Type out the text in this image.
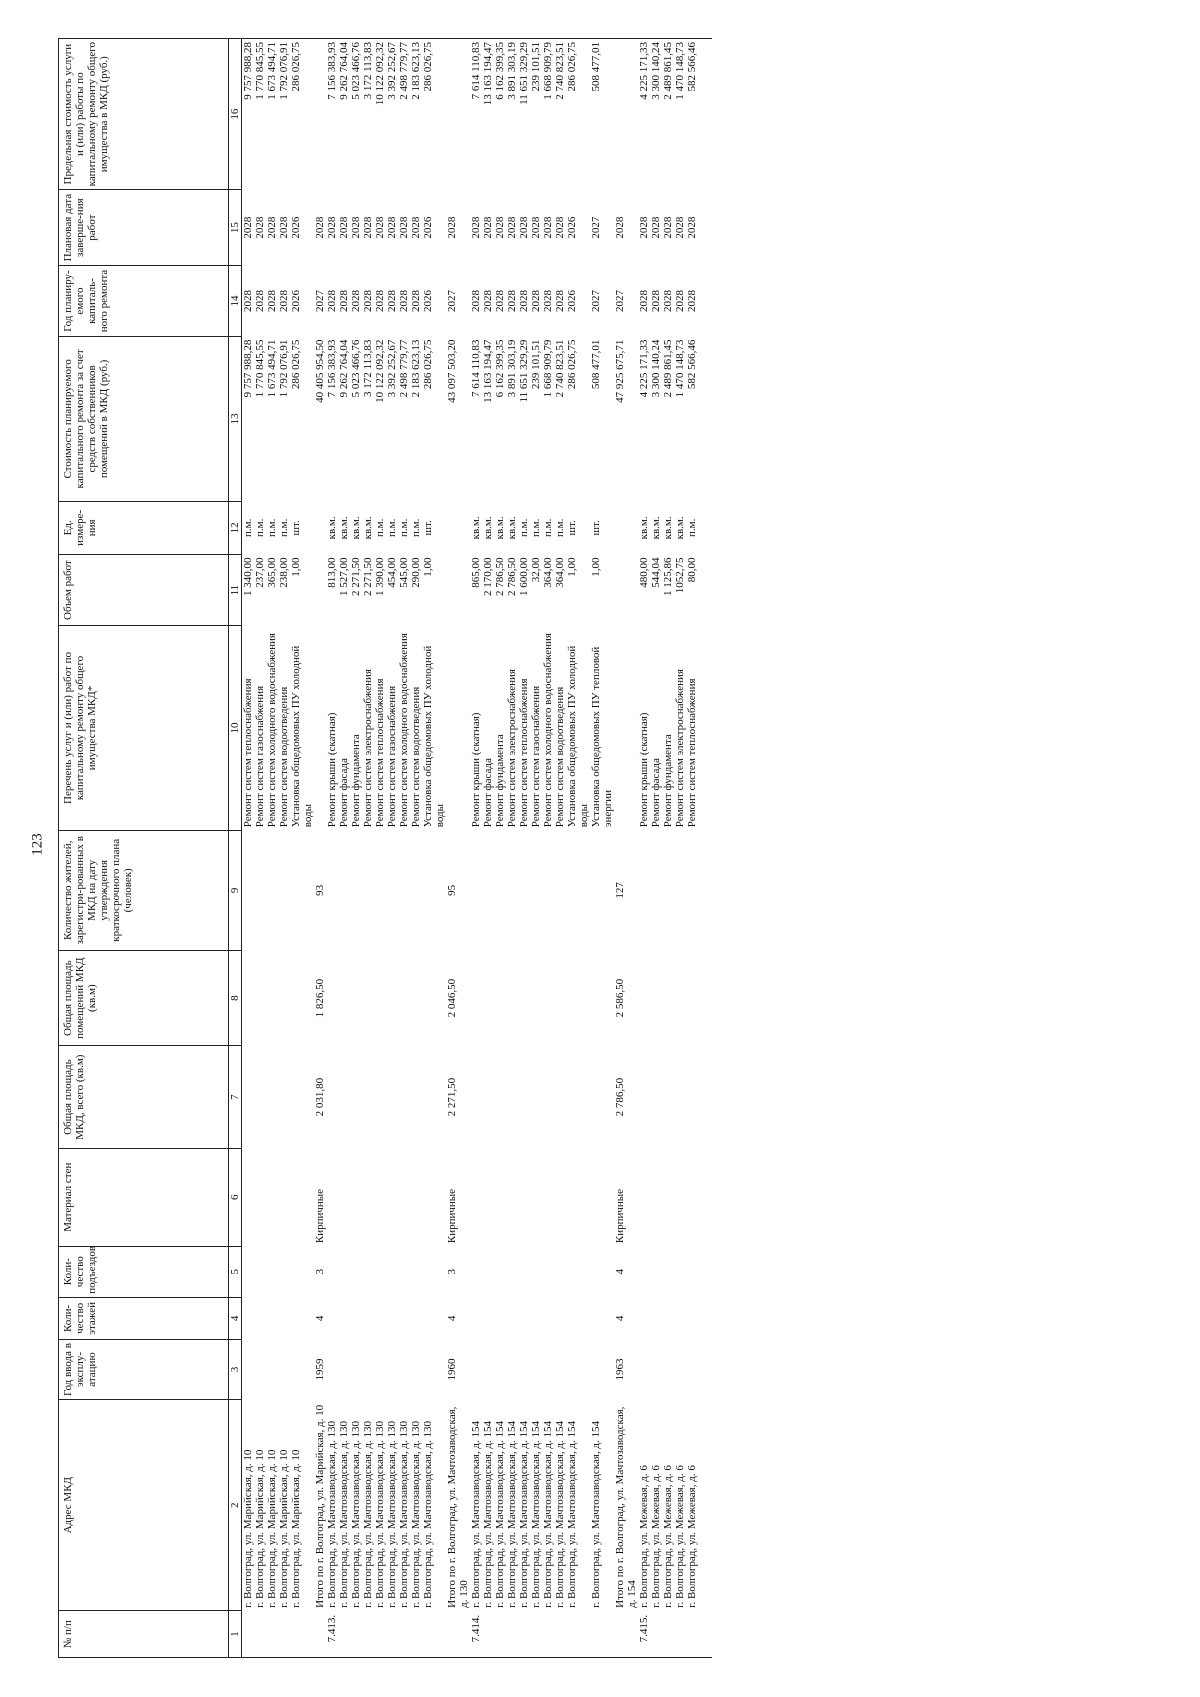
123
№ п/п	Адрес МКД	Год ввода в эксплу-атацию	Коли-чество этажей	Коли-чество подъездов	Материал стен	Общая площадь МКД, всего (кв.м)	Общая площадь помещений МКД (кв.м)	Количество жителей, зарегистри-рованных в МКД на дату утверждения краткосрочного плана (человек)	Перечень услуг и (или) работ по капитальному ремонту общего имущества МКД*	Объем работ	Ед. измере-ния	Стоимость планируемого капитального ремонта за счет средств собственников помещений в МКД (руб.)	Год планиру-емого капиталь-ного ремонта	Плановая дата заверше-ния работ	Предельная стоимость услуги и (или) работы по капитальному ремонту общего имущества в МКД (руб.)
1	2	3	4	5	6	7	8	9	10	11	12	13	14	15	16
	г. Волгоград, ул. Марийская, д. 10								Ремонт систем теплоснабжения	1 340,00	п.м.	9 757 988,28	2028	2028	9 757 988,28
	г. Волгоград, ул. Марийская, д. 10								Ремонт систем газоснабжения	237,00	п.м.	1 770 845,55	2028	2028	1 770 845,55
	г. Волгоград, ул. Марийская, д. 10								Ремонт систем холодного водоснабжения	365,00	п.м.	1 673 494,71	2028	2028	1 673 494,71
	г. Волгоград, ул. Марийская, д. 10								Ремонт систем водоотведения	238,00	п.м.	1 792 076,91	2028	2028	1 792 076,91
	г. Волгоград, ул. Марийская, д. 10								Установка общедомовых ПУ холодной воды	1,00	шт.	286 026,75	2026	2026	286 026,75
	Итого по г. Волгоград, ул. Марийская, д. 10	1959	4	3	Кирпичные	2 031,80	1 826,50	93				40 405 954,50	2027	2028	
7.413.	г. Волгоград, ул. Мачтозаводская, д. 130								Ремонт крыши (скатная)	813,00	кв.м.	7 156 383,93	2028	2028	7 156 383,93
	г. Волгоград, ул. Мачтозаводская, д. 130								Ремонт фасада	1 527,00	кв.м.	9 262 764,04	2028	2028	9 262 764,04
	г. Волгоград, ул. Мачтозаводская, д. 130								Ремонт фундамента	2 271,50	кв.м.	5 023 466,76	2028	2028	5 023 466,76
	г. Волгоград, ул. Мачтозаводская, д. 130								Ремонт систем электроснабжения	2 271,50	кв.м.	3 172 113,83	2028	2028	3 172 113,83
	г. Волгоград, ул. Мачтозаводская, д. 130								Ремонт систем теплоснабжения	1 390,00	п.м.	10 122 092,32	2028	2028	10 122 092,32
	г. Волгоград, ул. Мачтозаводская, д. 130								Ремонт систем газоснабжения	454,00	п.м.	3 392 252,67	2028	2028	3 392 252,67
	г. Волгоград, ул. Мачтозаводская, д. 130								Ремонт систем холодного водоснабжения	545,00	п.м.	2 498 779,77	2028	2028	2 498 779,77
	г. Волгоград, ул. Мачтозаводская, д. 130								Ремонт систем водоотведения	290,00	п.м.	2 183 623,13	2028	2028	2 183 623,13
	г. Волгоград, ул. Мачтозаводская, д. 130								Установка общедомовых ПУ холодной воды	1,00	шт.	286 026,75	2026	2026	286 026,75
	Итого по г. Волгоград, ул. Мачтозаводская, д. 130	1960	4	3	Кирпичные	2 271,50	2 046,50	95				43 097 503,20	2027	2028	
7.414.	г. Волгоград, ул. Мачтозаводская, д. 154								Ремонт крыши (скатная)	865,00	кв.м.	7 614 110,83	2028	2028	7 614 110,83
	г. Волгоград, ул. Мачтозаводская, д. 154								Ремонт фасада	2 170,00	кв.м.	13 163 194,47	2028	2028	13 163 194,47
	г. Волгоград, ул. Мачтозаводская, д. 154								Ремонт фундамента	2 786,50	кв.м.	6 162 399,35	2028	2028	6 162 399,35
	г. Волгоград, ул. Мачтозаводская, д. 154								Ремонт систем электроснабжения	2 786,50	кв.м.	3 891 303,19	2028	2028	3 891 303,19
	г. Волгоград, ул. Мачтозаводская, д. 154								Ремонт систем теплоснабжения	1 600,00	п.м.	11 651 329,29	2028	2028	11 651 329,29
	г. Волгоград, ул. Мачтозаводская, д. 154								Ремонт систем газоснабжения	32,00	п.м.	239 101,51	2028	2028	239 101,51
	г. Волгоград, ул. Мачтозаводская, д. 154								Ремонт систем холодного водоснабжения	364,00	п.м.	1 668 909,79	2028	2028	1 668 909,79
	г. Волгоград, ул. Мачтозаводская, д. 154								Ремонт систем водоотведения	364,00	п.м.	2 740 823,51	2028	2028	2 740 823,51
	г. Волгоград, ул. Мачтозаводская, д. 154								Установка общедомовых ПУ холодной воды	1,00	шт.	286 026,75	2026	2026	286 026,75
	г. Волгоград, ул. Мачтозаводская, д. 154								Установка общедомовых ПУ тепловой энергии	1,00	шт.	508 477,01	2027	2027	508 477,01
	Итого по г. Волгоград, ул. Мачтозаводская, д. 154	1963	4	4	Кирпичные	2 786,50	2 586,50	127				47 925 675,71	2027	2028	
7.415.	г. Волгоград, ул. Межевая, д. 6								Ремонт крыши (скатная)	480,00	кв.м.	4 225 171,33	2028	2028	4 225 171,33
	г. Волгоград, ул. Межевая, д. 6								Ремонт фасада	544,04	кв.м.	3 300 140,24	2028	2028	3 300 140,24
	г. Волгоград, ул. Межевая, д. 6								Ремонт фундамента	1 125,86	кв.м.	2 489 861,45	2028	2028	2 489 861,45
	г. Волгоград, ул. Межевая, д. 6								Ремонт систем электроснабжения	1052,75	кв.м.	1 470 148,73	2028	2028	1 470 148,73
	г. Волгоград, ул. Межевая, д. 6								Ремонт систем теплоснабжения	80,00	п.м.	582 566,46	2028	2028	582 566,46
